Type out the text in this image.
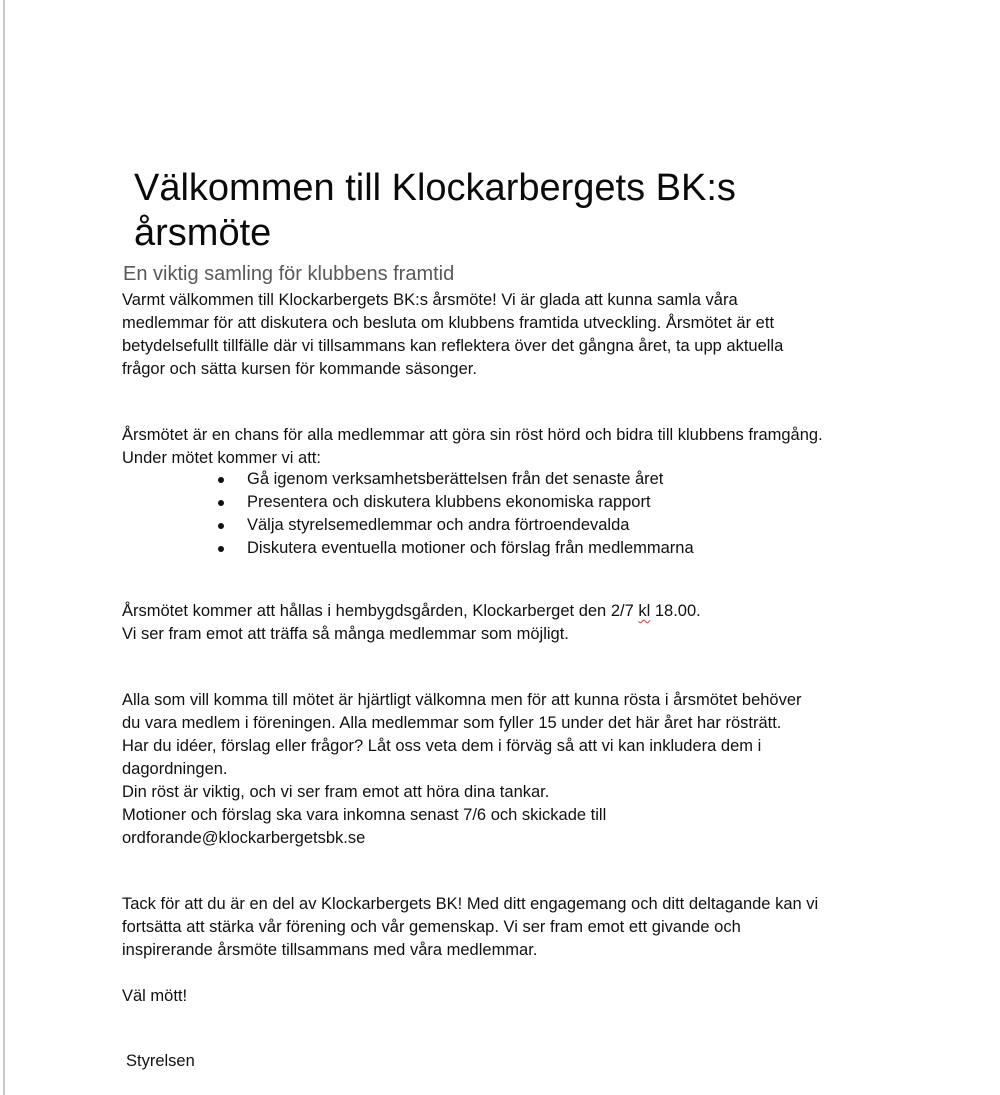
Välkommen till Klockarbergets BK:s årsmöte
En viktig samling för klubbens framtid

Varmt välkommen till Klockarbergets BK:s årsmöte! Vi är glada att kunna samla våra
medlemmar för att diskutera och besluta om klubbens framtida utveckling. Årsmötet är ett
betydelsefullt tillfälle där vi tillsammans kan reflektera över det gångna året, ta upp aktuella
frågor och sätta kursen för kommande säsonger.

Årsmötet är en chans för alla medlemmar att göra sin röst hörd och bidra till klubbens framgång.
Under mötet kommer vi att:

Gå igenom verksamhetsberättelsen från det senaste året
Presentera och diskutera klubbens ekonomiska rapport
Välja styrelsemedlemmar och andra förtroendevalda
Diskutera eventuella motioner och förslag från medlemmarna

Årsmötet kommer att hållas i hembygdsgården, Klockarberget den 2/7 kl 18.00.
Vi ser fram emot att träffa så många medlemmar som möjligt.

Alla som vill komma till mötet är hjärtligt välkomna men för att kunna rösta i årsmötet behöver
du vara medlem i föreningen. Alla medlemmar som fyller 15 under det här året har rösträtt.
Har du idéer, förslag eller frågor? Låt oss veta dem i förväg så att vi kan inkludera dem i
dagordningen.
Din röst är viktig, och vi ser fram emot att höra dina tankar.
Motioner och förslag ska vara inkomna senast 7/6 och skickade till
ordforande@klockarbergetsbk.se

Tack för att du är en del av Klockarbergets BK! Med ditt engagemang och ditt deltagande kan vi
fortsätta att stärka vår förening och vår gemenskap. Vi ser fram emot ett givande och
inspirerande årsmöte tillsammans med våra medlemmar.

Väl mött!

Styrelsen
